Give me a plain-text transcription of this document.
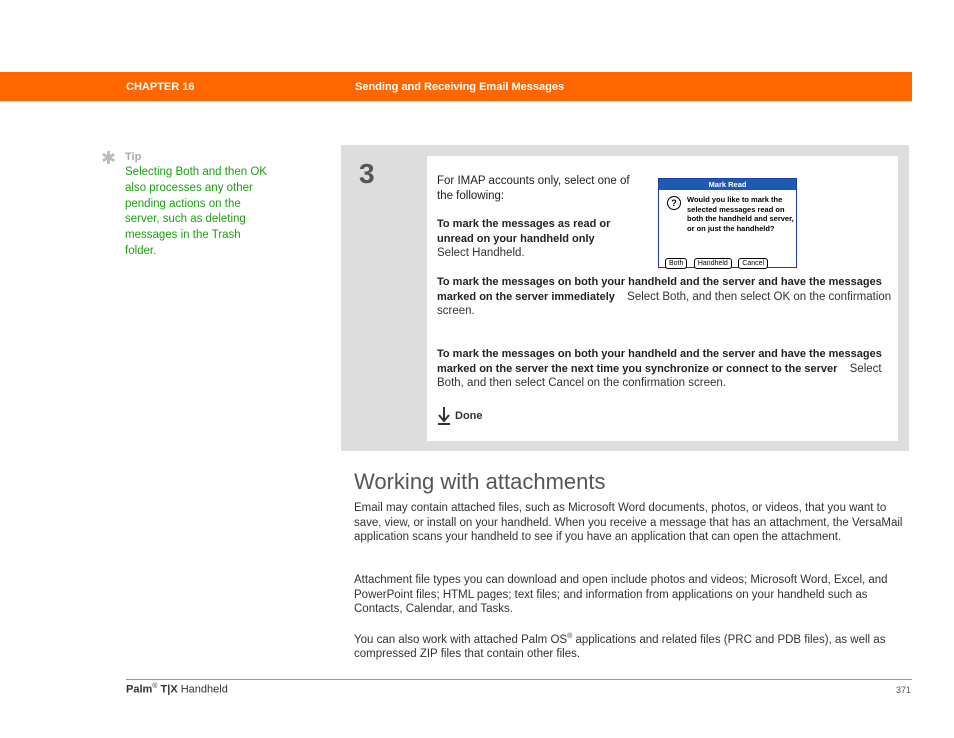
CHAPTER 16	Sending and Receiving Email Messages
✱ Tip
Selecting Both and then OK also processes any other pending actions on the server, such as deleting messages in the Trash folder.
3	For IMAP accounts only, select one of the following:
To mark the messages as read or unread on your handheld only
Select Handheld.
To mark the messages on both your handheld and the server and have the messages marked on the server immediately Select Both, and then select OK on the confirmation screen.
To mark the messages on both your handheld and the server and have the messages marked on the server the next time you synchronize or connect to the server Select Both, and then select Cancel on the confirmation screen.
Done
Mark Read
?	Would you like to mark the selected messages read on both the handheld and server, or on just the handheld?
Both Handheld Cancel
Working with attachments
Email may contain attached files, such as Microsoft Word documents, photos, or videos, that you want to save, view, or install on your handheld. When you receive a message that has an attachment, the VersaMail application scans your handheld to see if you have an application that can open the attachment.
Attachment file types you can download and open include photos and videos; Microsoft Word, Excel, and PowerPoint files; HTML pages; text files; and information from applications on your handheld such as Contacts, Calendar, and Tasks.
You can also work with attached Palm OS® applications and related files (PRC and PDB files), as well as compressed ZIP files that contain other files.
Palm® T|X Handheld	371
